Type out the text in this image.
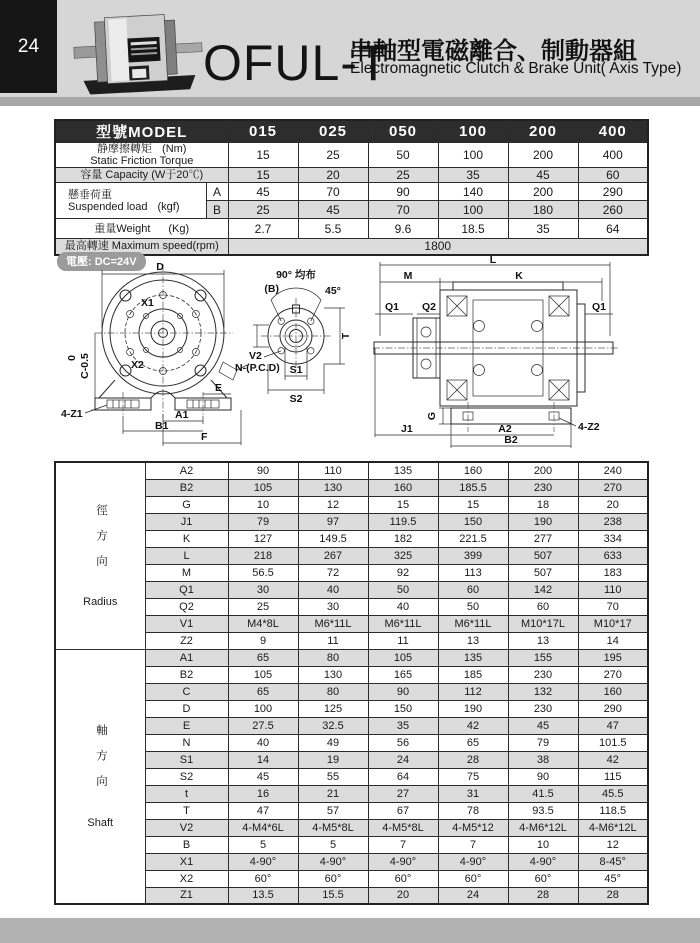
24	OFUL-T
串軸型電磁離合、制動器組
Electromagnetic Clutch & Brake Unit( Axis Type)
型號MODEL		015	025	050	100	200	400
静摩擦轉矩 (Nm)
Static Friction Torque		15	25	50	100	200	400
容量 Capacity (W于20℃)		15	20	25	35	45	60
懸垂荷重
Suspended load (kgf)	A	45	70	90	140	200	290
	B	25	45	70	100	180	260
重量Weight (Kg)		2.7	5.5	9.6	18.5	35	64
最高轉速 Maximum speed(rpm)		1800					
電壓: DC=24V	D
0 C-0.5
X1
X2
E
A1
B1
F
4-Z1
90° 均布
45°
(B)
T
V2
N-(P.C.D) S1
S2
L
M	K
Q1 Q2	Q1
G
J1	A2
B2
4-Z2
徑方向
Radius	A2	90	110	135	160	200	240
	B2	105	130	160	185.5	230	270
	G	10	12	15	15	18	20
	J1	79	97	119.5	150	190	238
	K	127	149.5	182	221.5	277	334
	L	218	267	325	399	507	633
	M	56.5	72	92	113	507	183
	Q1	30	40	50	60	142	110
	Q2	25	30	40	50	60	70
	V1	M4*8L	M6*11L	M6*11L	M6*11L	M10*17L	M10*17
	Z2	9	11	11	13	13	14

軸方向
Shaft	A1	65	80	105	135	155	195
	B2	105	130	165	185	230	270
	C	65	80	90	112	132	160
	D	100	125	150	190	230	290
	E	27.5	32.5	35	42	45	47
	N	40	49	56	65	79	101.5
	S1	14	19	24	28	38	42
	S2	45	55	64	75	90	115
	t	16	21	27	31	41.5	45.5
	T	47	57	67	78	93.5	118.5
	V2	4-M4*6L	4-M5*8L	4-M5*8L	4-M5*12	4-M6*12L	4-M6*12L
	B	5	5	7	7	10	12
	X1	4-90°	4-90°	4-90°	4-90°	4-90°	8-45°
	X2	60°	60°	60°	60°	60°	45°
	Z1	13.5	15.5	20	24	28	28
